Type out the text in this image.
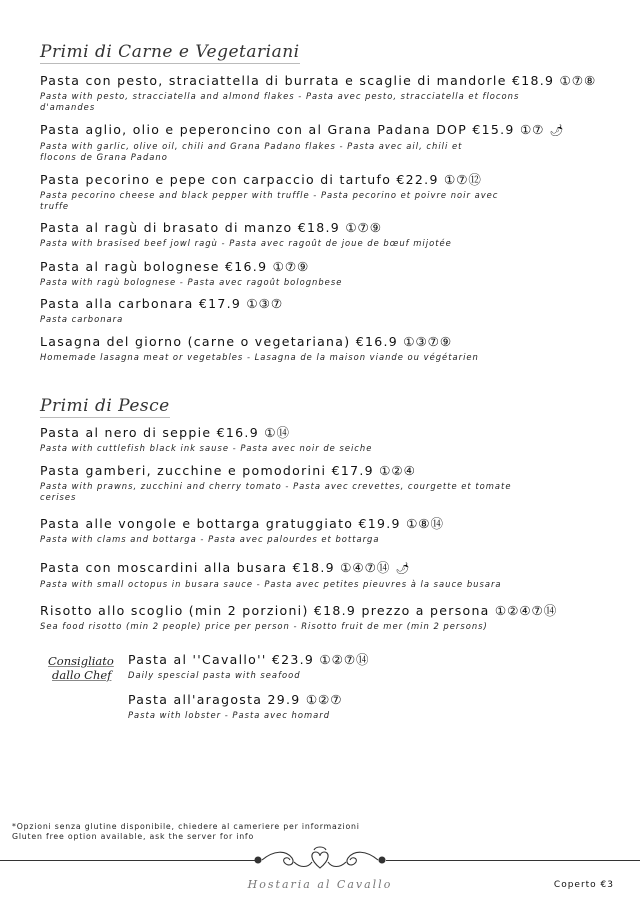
Primi di Carne e Vegetariani
Pasta con pesto, straciattella di burrata e scaglie di mandorle €18.9 ①⑦⑧
Pasta with pesto, stracciatella and almond flakes - Pasta avec pesto, stracciatella et flocons
d'amandes
Pasta aglio, olio e peperoncino con al Grana Padana DOP €15.9 ①⑦ 🌶
Pasta with garlic, olive oil, chili and Grana Padano flakes - Pasta avec ail, chili et
flocons de Grana Padano
Pasta pecorino e pepe con carpaccio di tartufo €22.9 ①⑦⑫
Pasta pecorino cheese and black pepper with truffle - Pasta pecorino et poivre noir avec
truffe
Pasta al ragù di brasato di manzo €18.9 ①⑦⑨
Pasta with brasised beef jowl ragù - Pasta avec ragoût de joue de bœuf mijotée
Pasta al ragù bolognese €16.9 ①⑦⑨
Pasta with ragù bolognese - Pasta avec ragoût bolognbese
Pasta alla carbonara €17.9 ①③⑦
Pasta carbonara
Lasagna del giorno (carne o vegetariana) €16.9 ①③⑦⑨
Homemade lasagna meat or vegetables - Lasagna de la maison viande ou végétarien
Primi di Pesce
Pasta al nero di seppie €16.9 ①⑭
Pasta with cuttlefish black ink sause - Pasta avec noir de seiche
Pasta gamberi, zucchine e pomodorini €17.9 ①②④
Pasta with prawns, zucchini and cherry tomato - Pasta avec crevettes, courgette et tomate
cerises
Pasta alle vongole e bottarga gratuggiato €19.9 ①⑧⑭
Pasta with clams and bottarga - Pasta avec palourdes et bottarga
Pasta con moscardini alla busara €18.9 ①④⑦⑭ 🌶
Pasta with small octopus in busara sauce - Pasta avec petites pieuvres à la sauce busara
Risotto allo scoglio (min 2 porzioni) €18.9 prezzo a persona ①②④⑦⑭
Sea food risotto (min 2 people) price per person - Risotto fruit de mer (min 2 persons)
Consigliato
dallo Chef
Pasta al ''Cavallo'' €23.9 ①②⑦⑭
Daily spescial pasta with seafood
Pasta all'aragosta 29.9 ①②⑦
Pasta with lobster - Pasta avec homard
*Opzioni senza glutine disponibile, chiedere al cameriere per informazioni
Gluten free option available, ask the server for info
Hostaria al Cavallo	Coperto €3
